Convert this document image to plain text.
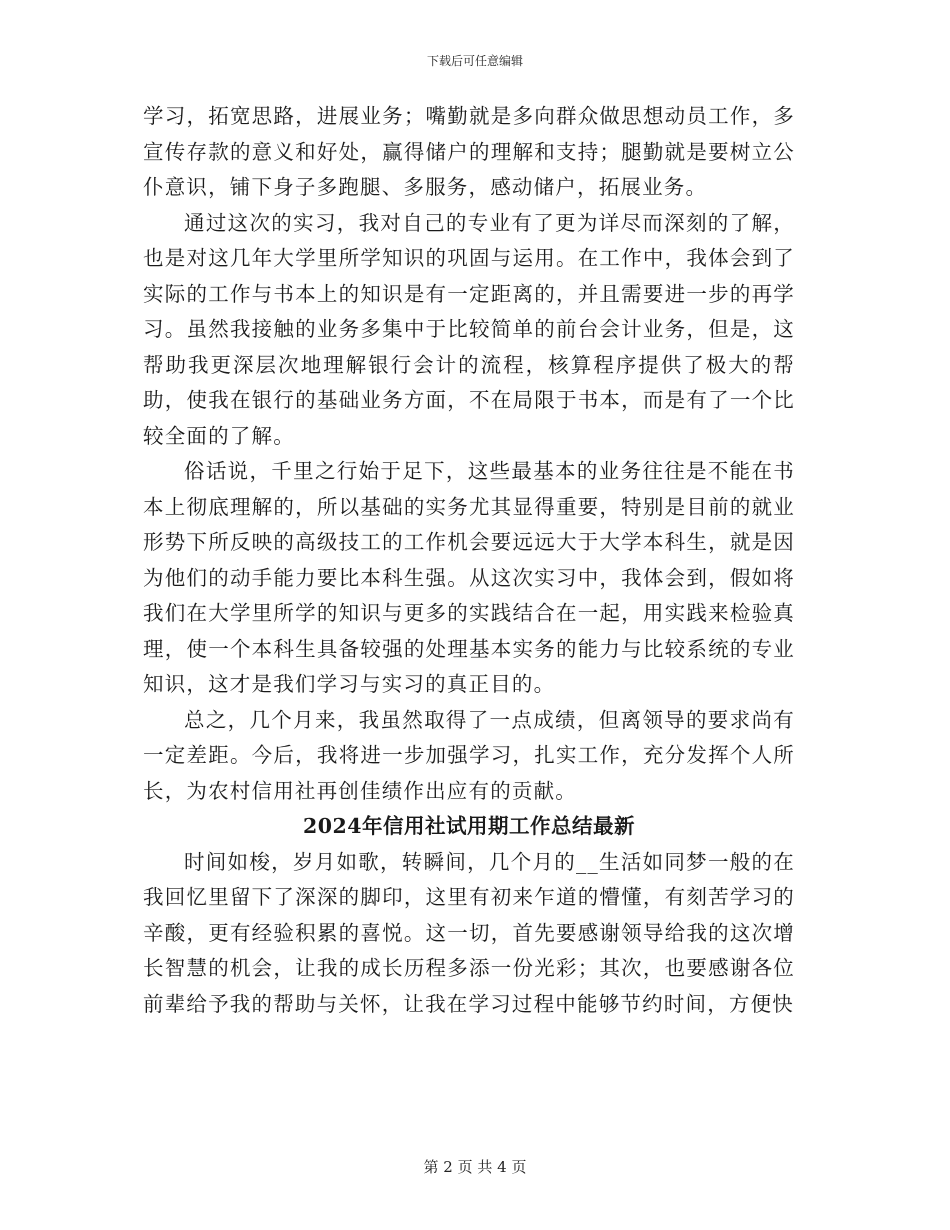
下载后可任意编辑

学习，拓宽思路，进展业务；嘴勤就是多向群众做思想动员工作，多宣传存款的意义和好处，赢得储户的理解和支持；腿勤就是要树立公仆意识，铺下身子多跑腿、多服务，感动储户，拓展业务。

通过这次的实习，我对自己的专业有了更为详尽而深刻的了解，也是对这几年大学里所学知识的巩固与运用。在工作中，我体会到了实际的工作与书本上的知识是有一定距离的，并且需要进一步的再学习。虽然我接触的业务多集中于比较简单的前台会计业务，但是，这帮助我更深层次地理解银行会计的流程，核算程序提供了极大的帮助，使我在银行的基础业务方面，不在局限于书本，而是有了一个比较全面的了解。

俗话说，千里之行始于足下，这些最基本的业务往往是不能在书本上彻底理解的，所以基础的实务尤其显得重要，特别是目前的就业形势下所反映的高级技工的工作机会要远远大于大学本科生，就是因为他们的动手能力要比本科生强。从这次实习中，我体会到，假如将我们在大学里所学的知识与更多的实践结合在一起，用实践来检验真理，使一个本科生具备较强的处理基本实务的能力与比较系统的专业知识，这才是我们学习与实习的真正目的。

总之，几个月来，我虽然取得了一点成绩，但离领导的要求尚有一定差距。今后，我将进一步加强学习，扎实工作，充分发挥个人所长，为农村信用社再创佳绩作出应有的贡献。

2024年信用社试用期工作总结最新

时间如梭，岁月如歌，转瞬间，几个月的__生活如同梦一般的在我回忆里留下了深深的脚印，这里有初来乍道的懵懂，有刻苦学习的辛酸，更有经验积累的喜悦。这一切，首先要感谢领导给我的这次增长智慧的机会，让我的成长历程多添一份光彩；其次，也要感谢各位前辈给予我的帮助与关怀，让我在学习过程中能够节约时间，方便快

第 2 页 共 4 页
